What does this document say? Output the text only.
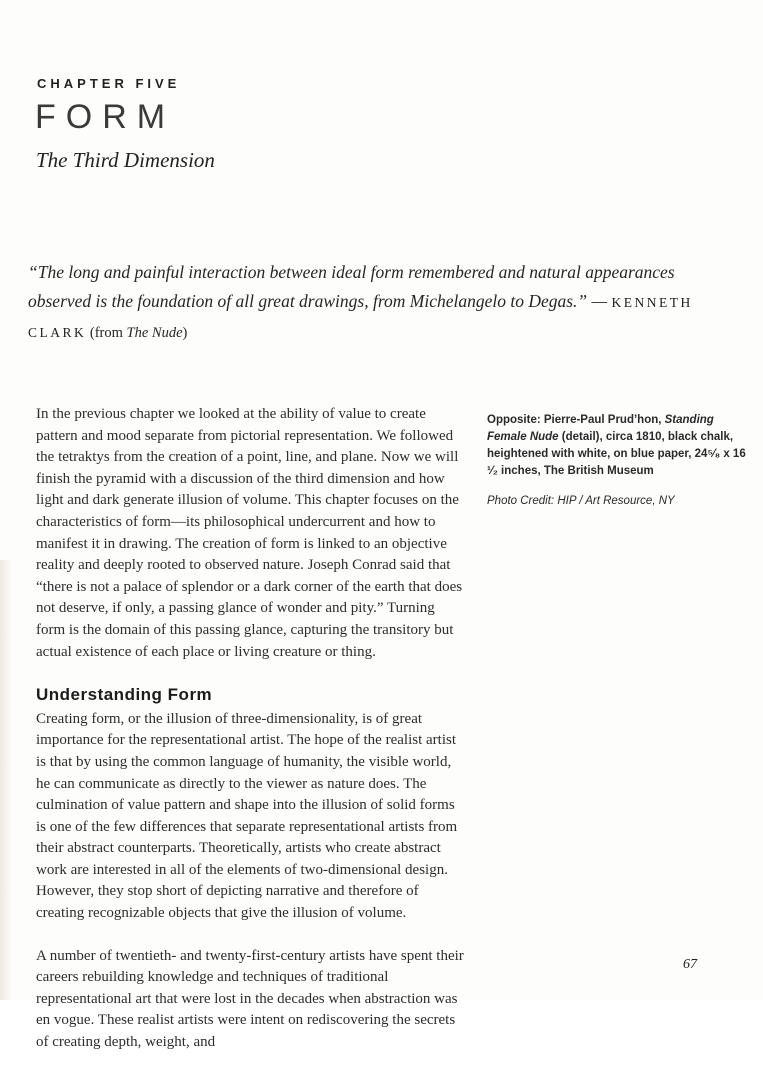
CHAPTER FIVE
FORM
The Third Dimension
“The long and painful interaction between ideal form remembered and natural appearances observed is the foundation of all great drawings, from Michelangelo to Degas.” — KENNETH CLARK (from The Nude)

In the previous chapter we looked at the ability of value to create pattern and mood separate from pictorial representation. We followed the tetraktys from the creation of a point, line, and plane. Now we will finish the pyramid with a discussion of the third dimension and how light and dark generate illusion of volume. This chapter focuses on the characteristics of form—its philosophical undercurrent and how to manifest it in drawing. The creation of form is linked to an objective reality and deeply rooted to observed nature. Joseph Conrad said that “there is not a palace of splendor or a dark corner of the earth that does not deserve, if only, a passing glance of wonder and pity.” Turning form is the domain of this passing glance, capturing the transitory but actual existence of each place or living creature or thing.

Understanding Form

Creating form, or the illusion of three-dimensionality, is of great importance for the representational artist. The hope of the realist artist is that by using the common language of humanity, the visible world, he can communicate as directly to the viewer as nature does. The culmination of value pattern and shape into the illusion of solid forms is one of the few differences that separate representational artists from their abstract counterparts. Theoretically, artists who create abstract work are interested in all of the elements of two-dimensional design. However, they stop short of depicting narrative and therefore of creating recognizable objects that give the illusion of volume.

A number of twentieth- and twenty-first-century artists have spent their careers rebuilding knowledge and techniques of traditional representational art that were lost in the decades when abstraction was en vogue. These realist artists were intent on rediscovering the secrets of creating depth, weight, and

Opposite: Pierre-Paul Prud’hon, Standing Female Nude (detail), circa 1810, black chalk, heightened with white, on blue paper, 24⁵⁄₈ x 16 ¹⁄₂ inches, The British Museum

Photo Credit: HIP / Art Resource, NY

67
